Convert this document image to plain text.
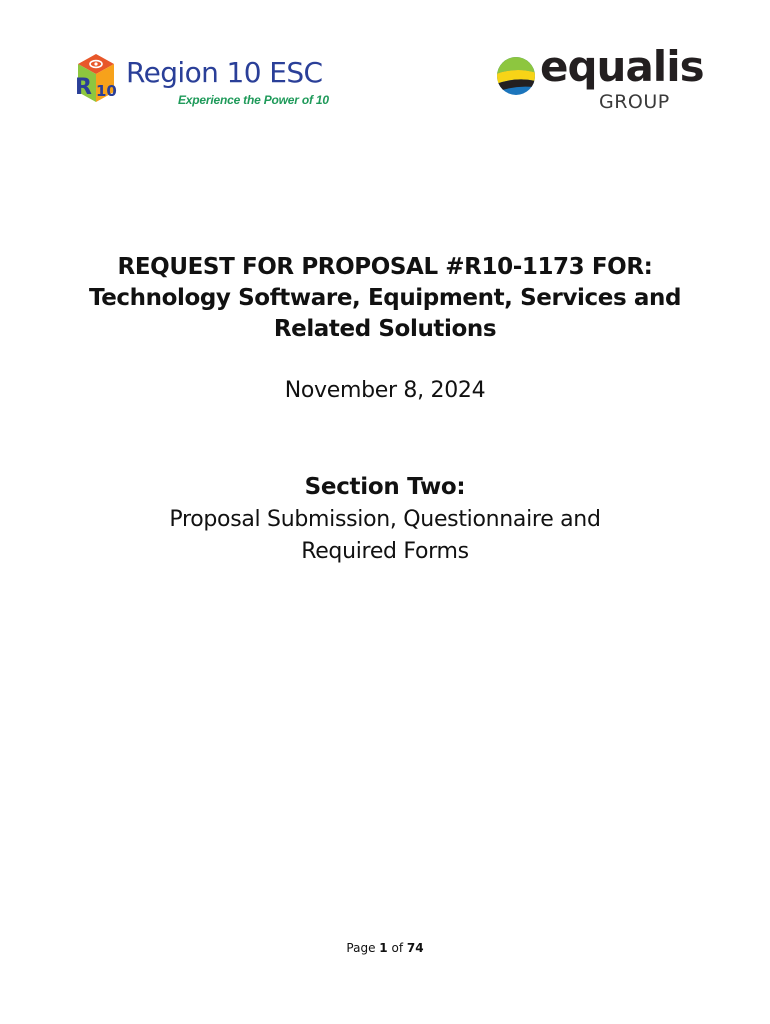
R 10
Region 10 ESC
Experience the Power of 10
equalis
GROUP
REQUEST FOR PROPOSAL #R10-1173 FOR:
Technology Software, Equipment, Services and
Related Solutions
November 8, 2024
Section Two:
Proposal Submission, Questionnaire and
Required Forms
Page 1 of 74
